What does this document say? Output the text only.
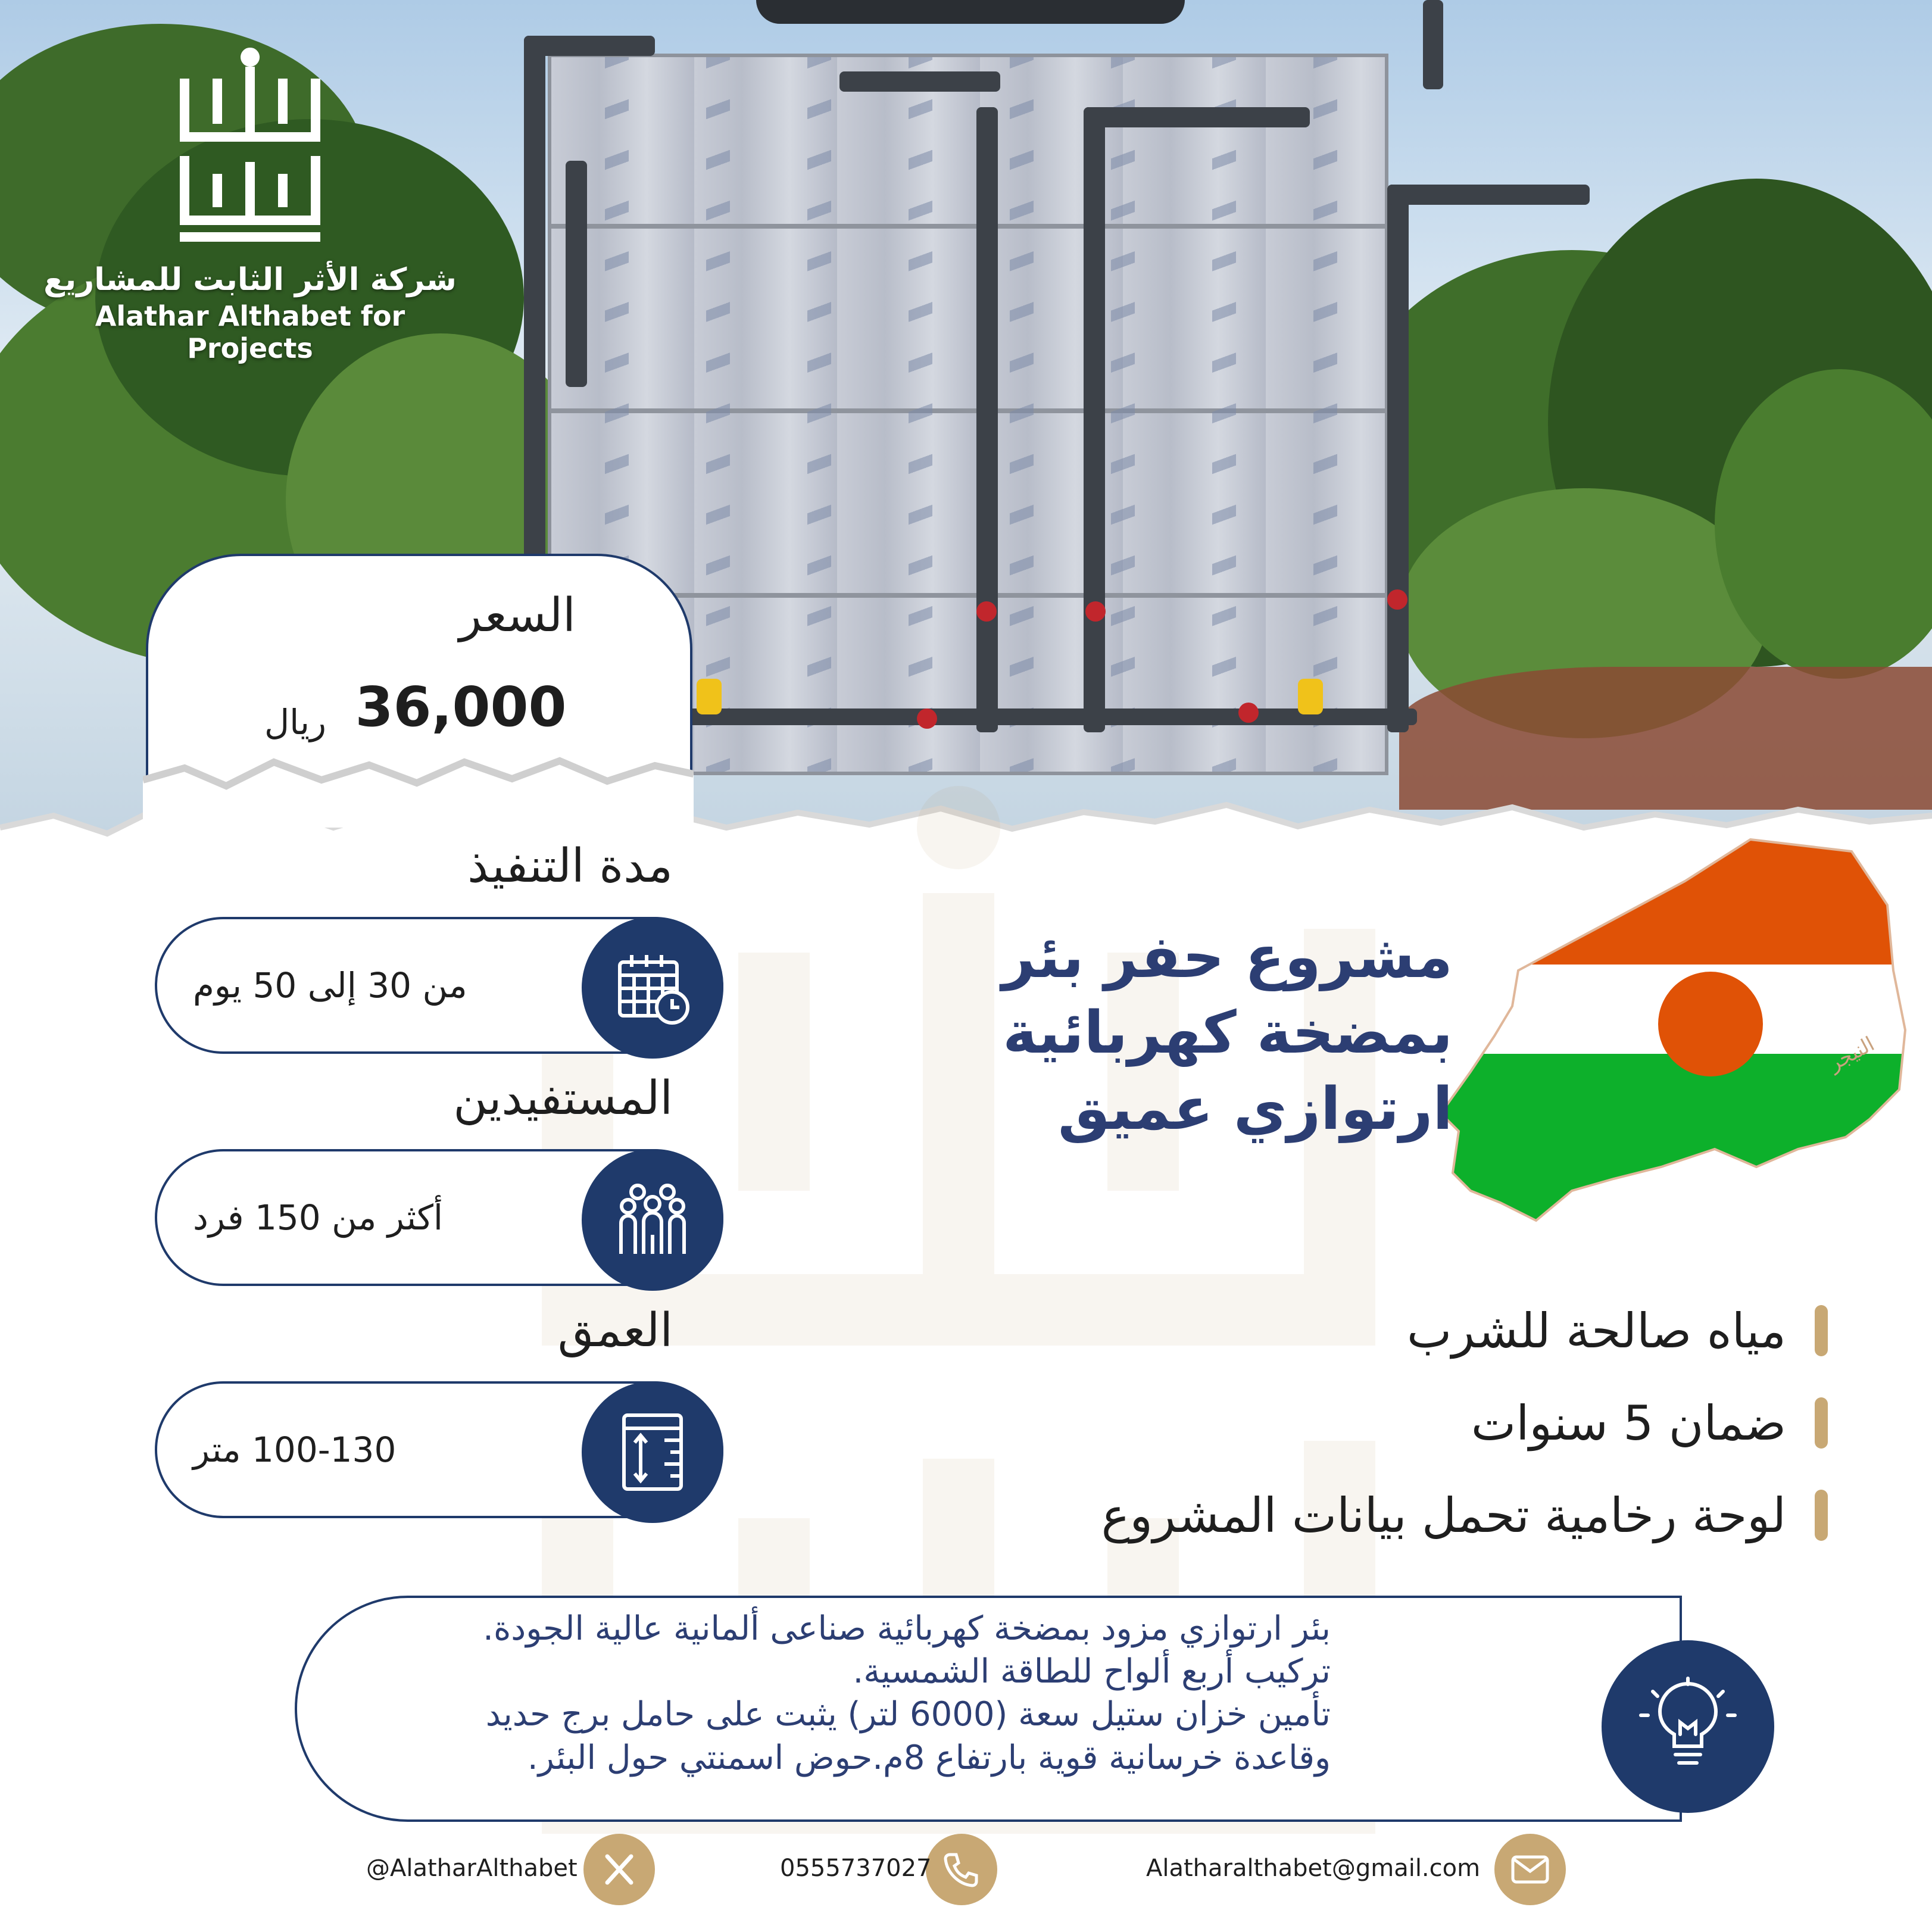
شركة الأثر الثابت للمشاريع
Alathar Althabet for Projects
السعر
36,000
ريال
مدة التنفيذ
من 30 إلى 50 يوم
المستفيدين
أكثر من 150 فرد
العمق
100-130 متر
النيجر
مشروع حفر بئر
بمضخة كهربائية
ارتوازي عميق
مياه صالحة للشرب
ضمان 5 سنوات
لوحة رخامية تحمل بيانات المشروع
بئر ارتوازي مزود بمضخة كهربائية صناعى ألمانية عالية الجودة.
تركيب أربع ألواح للطاقة الشمسية.
تأمين خزان ستيل سعة (6000 لتر) يثبت على حامل برج حديد
وقاعدة خرسانية قوية بارتفاع 8م.حوض اسمنتي حول البئر.
@AlatharAlthabet	0555737027	Alatharalthabet@gmail.com
